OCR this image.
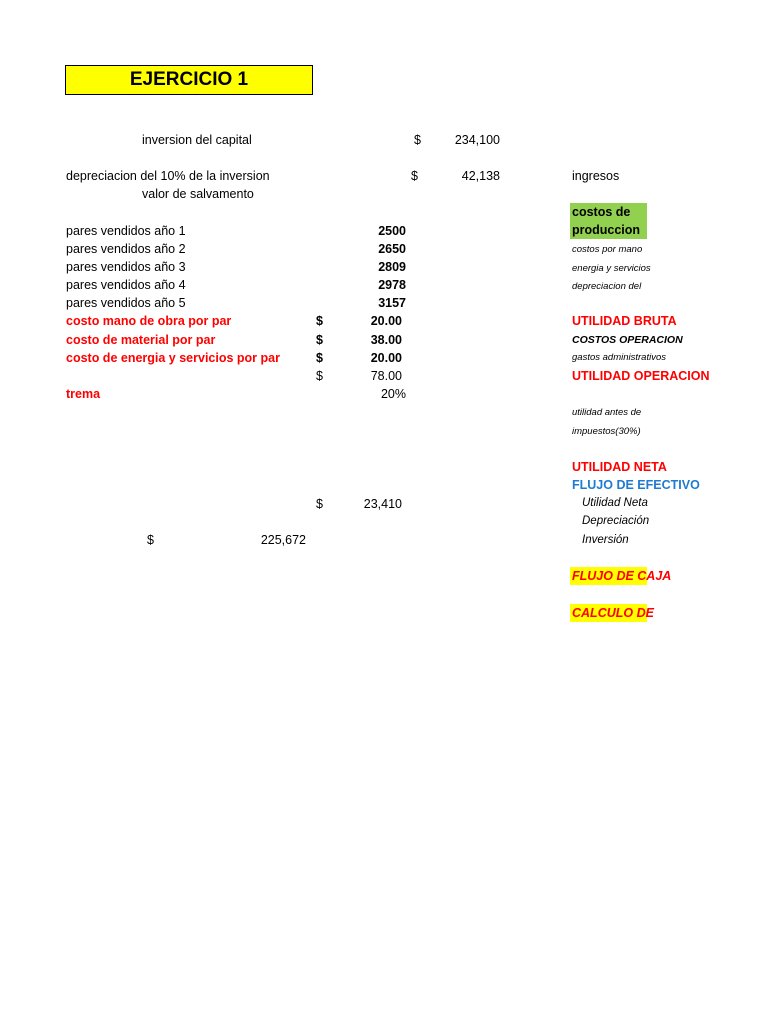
EJERCICIO 1
inversion del capital	$	234,100
depreciacion del 10% de la inversion	$	42,138
valor de salvamento
pares vendidos año 1	2500
pares vendidos año 2	2650
pares vendidos año 3	2809
pares vendidos año 4	2978
pares vendidos año 5	3157
costo mano de obra por par	$	20.00
costo de material por par	$	38.00
costo de energia y servicios por par	$	20.00
$	78.00
trema	20%
$	23,410
$	225,672
ingresos
costos de
produccion
costos por mano
energia y servicios
depreciacion del
UTILIDAD BRUTA
COSTOS OPERACION
gastos administrativos
UTILIDAD OPERACION
utilidad antes de
impuestos(30%)
UTILIDAD NETA
FLUJO DE EFECTIVO
Utilidad Neta
Depreciación
Inversión
FLUJO DE CAJA
CALCULO DE
